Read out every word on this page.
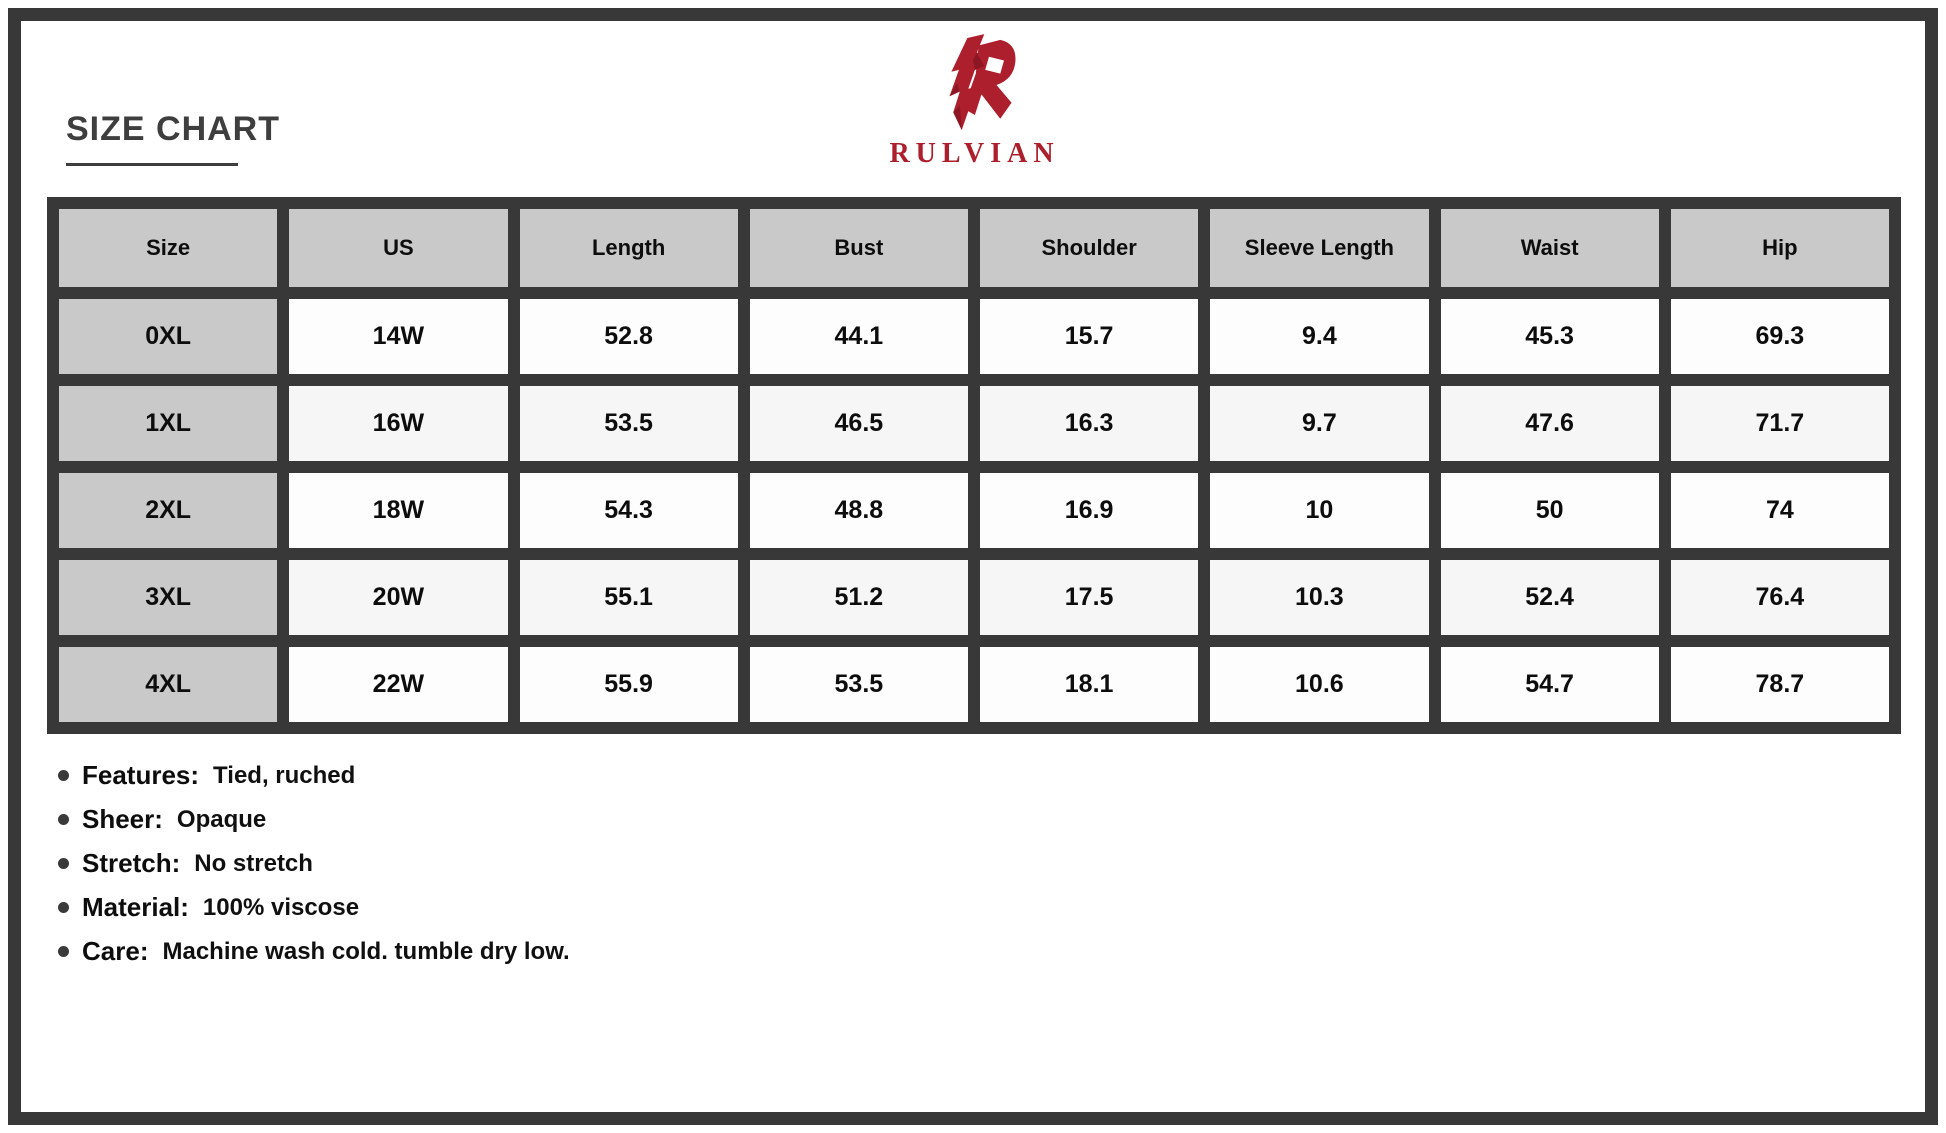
SIZE CHART
RULVIAN
Size	US	Length	Bust	Shoulder	Sleeve Length	Waist	Hip
0XL	14W	52.8	44.1	15.7	9.4	45.3	69.3
1XL	16W	53.5	46.5	16.3	9.7	47.6	71.7
2XL	18W	54.3	48.8	16.9	10	50	74
3XL	20W	55.1	51.2	17.5	10.3	52.4	76.4
4XL	22W	55.9	53.5	18.1	10.6	54.7	78.7
Features: Tied, ruched
Sheer: Opaque
Stretch: No stretch
Material: 100% viscose
Care: Machine wash cold. tumble dry low.
